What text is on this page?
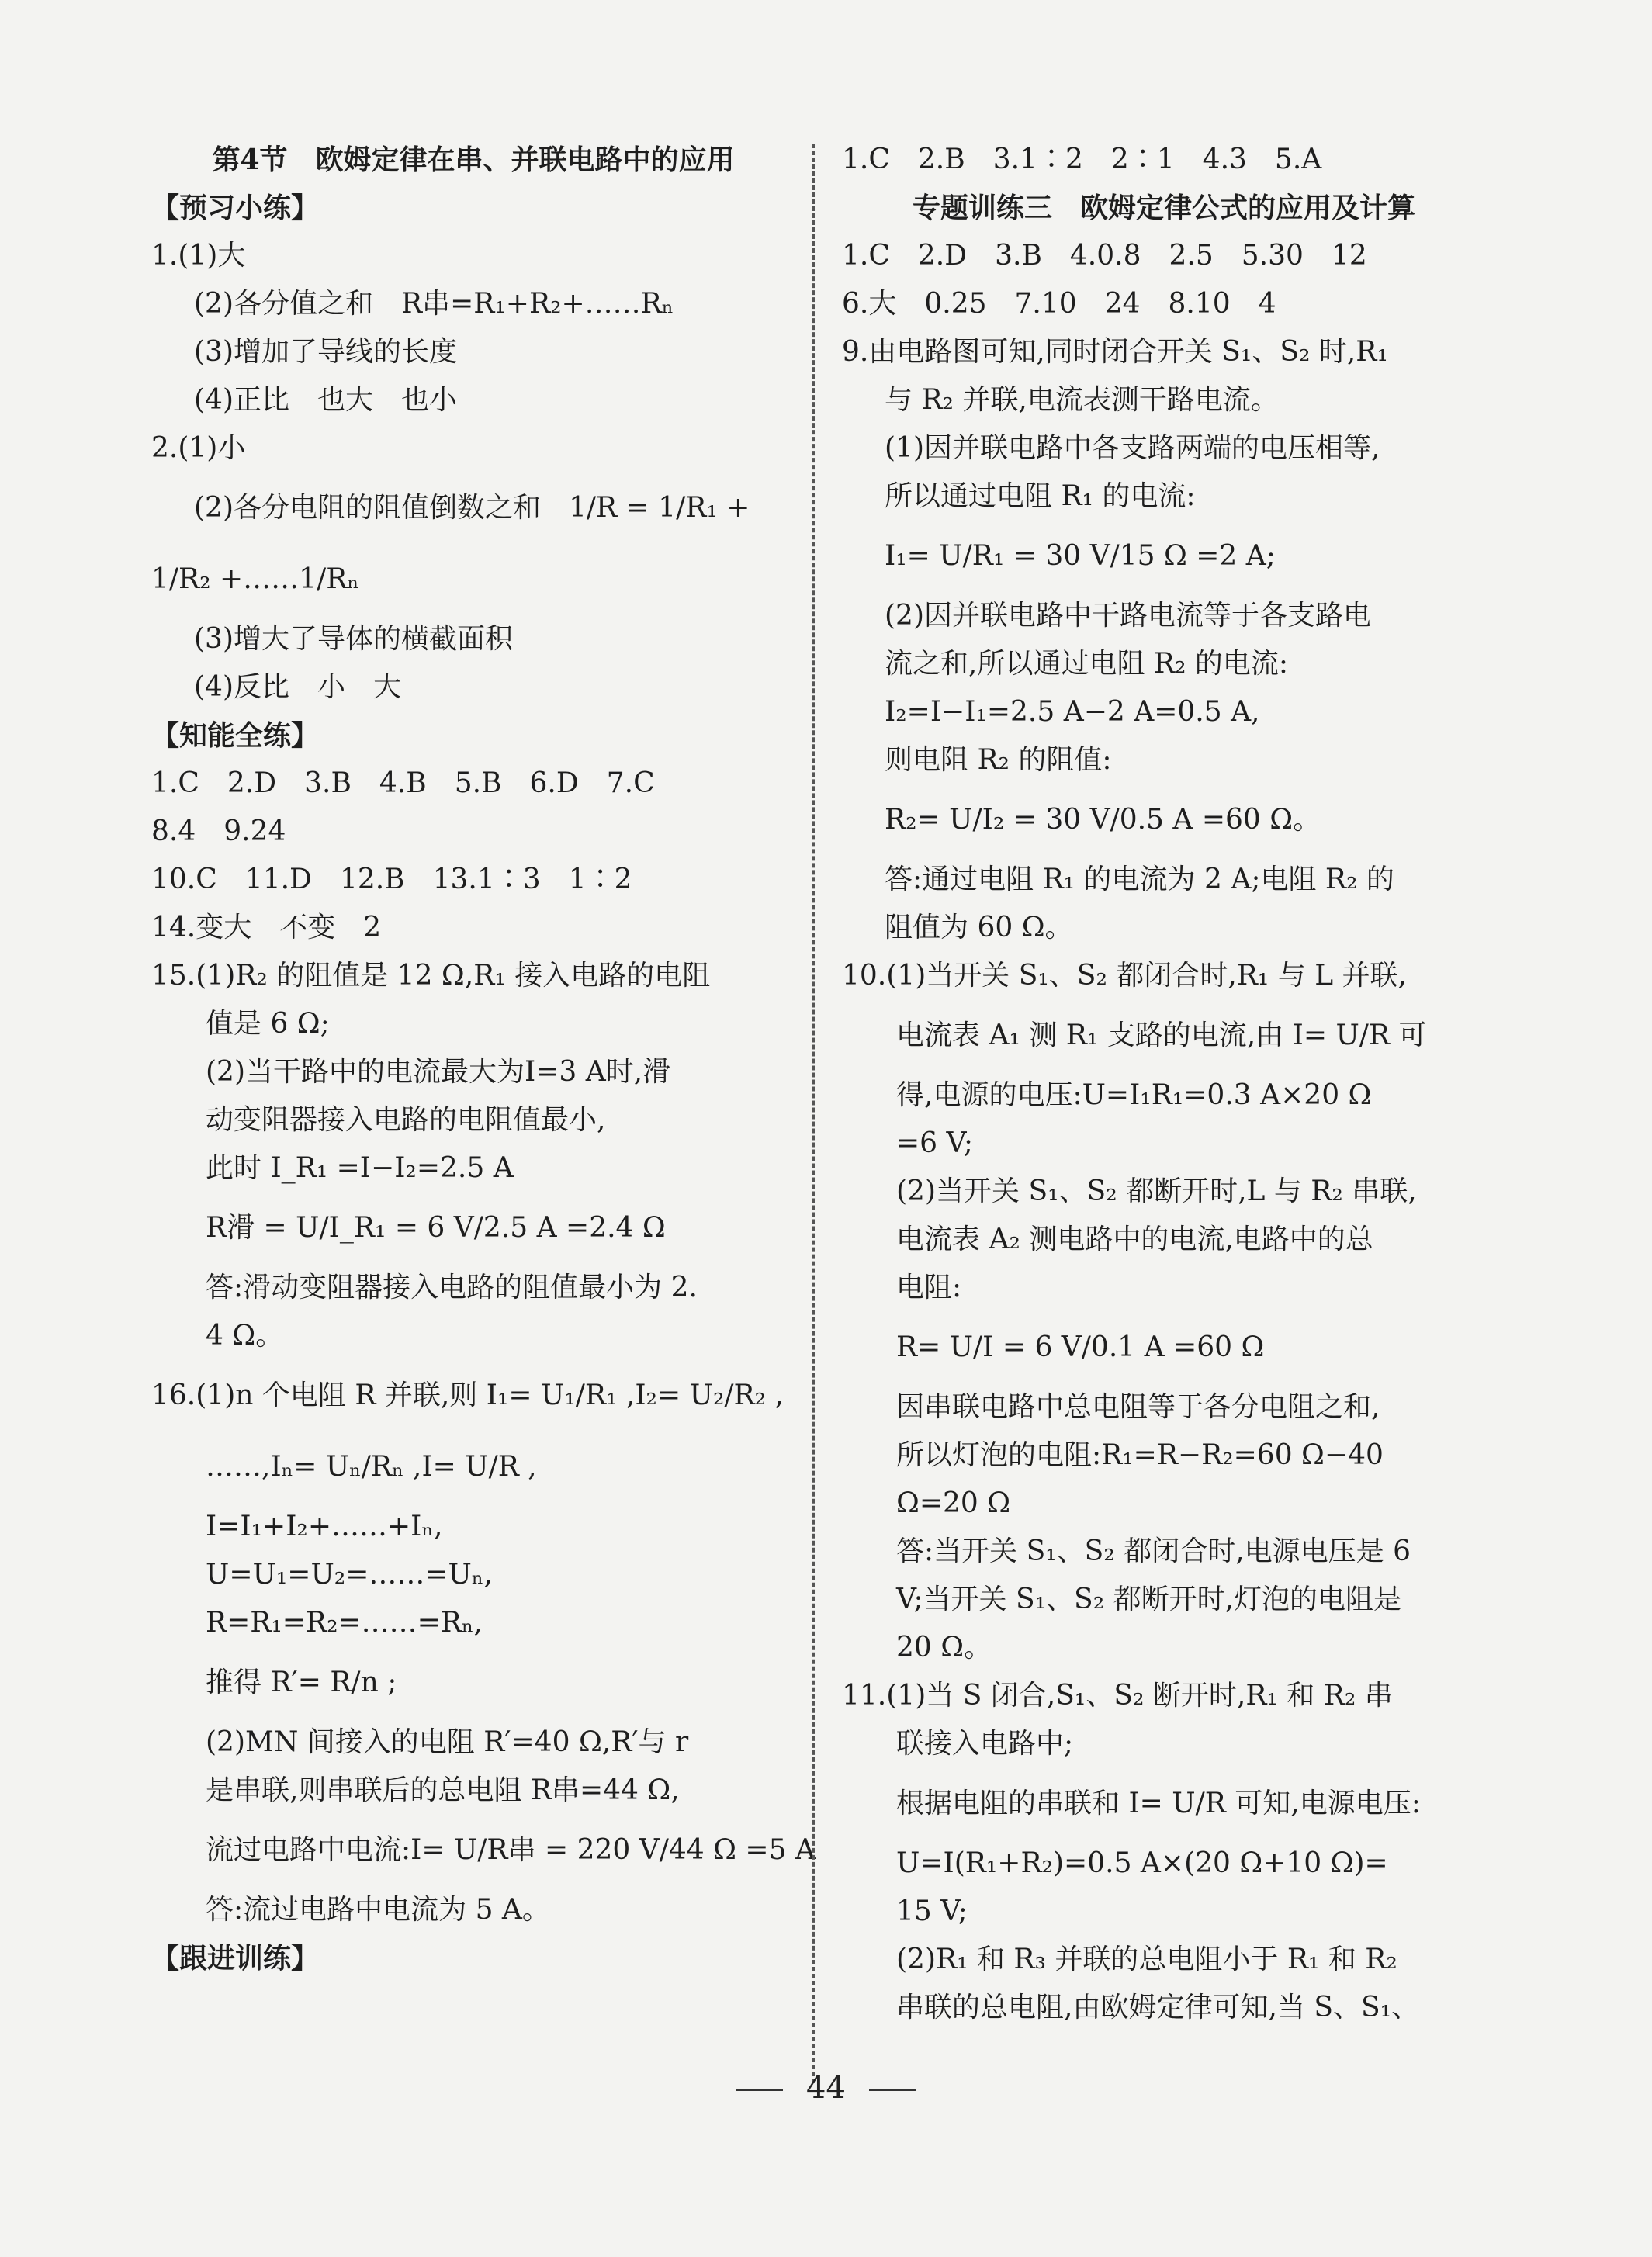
第4节　欧姆定律在串、并联电路中的应用
【预习小练】
1.(1)大
(2)各分值之和　R串=R₁+R₂+……Rₙ
(3)增加了导线的长度
(4)正比　也大　也小
2.(1)小
(2)各分电阻的阻值倒数之和　1/R = 1/R₁ +
1/R₂ +……1/Rₙ
(3)增大了导体的横截面积
(4)反比　小　大
【知能全练】
1.C　2.D　3.B　4.B　5.B　6.D　7.C
8.4　9.24
10.C　11.D　12.B　13.1∶3　1∶2
14.变大　不变　2
15.(1)R₂ 的阻值是 12 Ω,R₁ 接入电路的电阻
值是 6 Ω;
(2)当干路中的电流最大为I=3 A时,滑
动变阻器接入电路的电阻值最小,
此时 I_R₁ =I−I₂=2.5 A
R滑 = U/I_R₁ = 6 V/2.5 A =2.4 Ω
答:滑动变阻器接入电路的阻值最小为 2.
4 Ω。
16.(1)n 个电阻 R 并联,则 I₁= U₁/R₁ ,I₂= U₂/R₂ ,
……,Iₙ= Uₙ/Rₙ ,I= U/R ,
I=I₁+I₂+……+Iₙ,
U=U₁=U₂=……=Uₙ,
R=R₁=R₂=……=Rₙ,
推得 R′= R/n ;
(2)MN 间接入的电阻 R′=40 Ω,R′与 r
是串联,则串联后的总电阻 R串=44 Ω,
流过电路中电流:I= U/R串 = 220 V/44 Ω =5 A
答:流过电路中电流为 5 A。
【跟进训练】
1.C　2.B　3.1∶2　2∶1　4.3　5.A
专题训练三　欧姆定律公式的应用及计算
1.C　2.D　3.B　4.0.8　2.5　5.30　12
6.大　0.25　7.10　24　8.10　4
9.由电路图可知,同时闭合开关 S₁、S₂ 时,R₁
与 R₂ 并联,电流表测干路电流。
(1)因并联电路中各支路两端的电压相等,
所以通过电阻 R₁ 的电流:
I₁= U/R₁ = 30 V/15 Ω =2 A;
(2)因并联电路中干路电流等于各支路电
流之和,所以通过电阻 R₂ 的电流:
I₂=I−I₁=2.5 A−2 A=0.5 A,
则电阻 R₂ 的阻值:
R₂= U/I₂ = 30 V/0.5 A =60 Ω。
答:通过电阻 R₁ 的电流为 2 A;电阻 R₂ 的
阻值为 60 Ω。
10.(1)当开关 S₁、S₂ 都闭合时,R₁ 与 L 并联,
电流表 A₁ 测 R₁ 支路的电流,由 I= U/R 可
得,电源的电压:U=I₁R₁=0.3 A×20 Ω
=6 V;
(2)当开关 S₁、S₂ 都断开时,L 与 R₂ 串联,
电流表 A₂ 测电路中的电流,电路中的总
电阻:
R= U/I = 6 V/0.1 A =60 Ω
因串联电路中总电阻等于各分电阻之和,
所以灯泡的电阻:R₁=R−R₂=60 Ω−40
Ω=20 Ω
答:当开关 S₁、S₂ 都闭合时,电源电压是 6
V;当开关 S₁、S₂ 都断开时,灯泡的电阻是
20 Ω。
11.(1)当 S 闭合,S₁、S₂ 断开时,R₁ 和 R₂ 串
联接入电路中;
根据电阻的串联和 I= U/R 可知,电源电压:
U=I(R₁+R₂)=0.5 A×(20 Ω+10 Ω)=
15 V;
(2)R₁ 和 R₃ 并联的总电阻小于 R₁ 和 R₂
串联的总电阻,由欧姆定律可知,当 S、S₁、
44
